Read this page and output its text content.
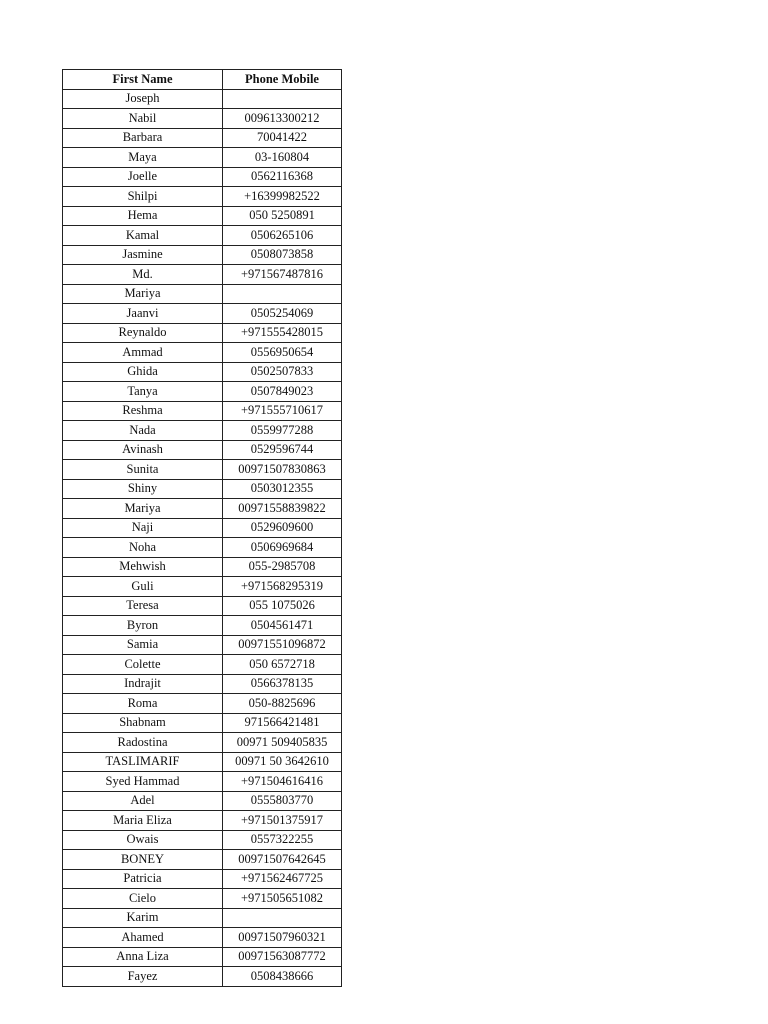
First Name	Phone Mobile
Joseph	
Nabil	009613300212
Barbara	70041422
Maya	03-160804
Joelle	0562116368
Shilpi	+16399982522
Hema	050 5250891
Kamal	0506265106
Jasmine	0508073858
Md.	+971567487816
Mariya	
Jaanvi	0505254069
Reynaldo	+971555428015
Ammad	0556950654
Ghida	0502507833
Tanya	0507849023
Reshma	+971555710617
Nada	0559977288
Avinash	0529596744
Sunita	00971507830863
Shiny	0503012355
Mariya	00971558839822
Naji	0529609600
Noha	0506969684
Mehwish	055-2985708
Guli	+971568295319
Teresa	055 1075026
Byron	0504561471
Samia	00971551096872
Colette	050 6572718
Indrajit	0566378135
Roma	050-8825696
Shabnam	971566421481
Radostina	00971 509405835
TASLIMARIF	00971 50 3642610
Syed Hammad	+971504616416
Adel	0555803770
Maria Eliza	+971501375917
Owais	0557322255
BONEY	00971507642645
Patricia	+971562467725
Cielo	+971505651082
Karim	
Ahamed	00971507960321
Anna Liza	00971563087772
Fayez	0508438666
